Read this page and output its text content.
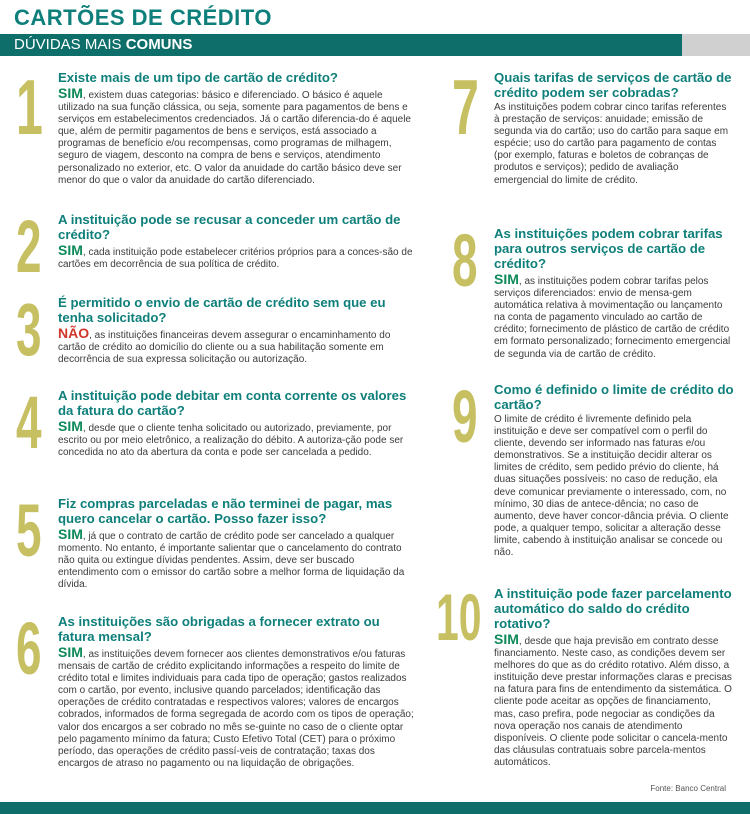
CARTÕES DE CRÉDITO
DÚVIDAS MAIS COMUNS
1 Existe mais de um tipo de cartão de crédito?

SIM, existem duas categorias: básico e diferenciado. O básico é aquele utilizado na sua função clássica, ou seja, somente para pagamentos de bens e serviços em estabelecimentos credenciados. Já o cartão diferencia-do é aquele que, além de permitir pagamentos de bens e serviços, está associado a programas de benefício e/ou recompensas, como programas de milhagem, seguro de viagem, desconto na compra de bens e serviços, atendimento personalizado no exterior, etc. O valor da anuidade do cartão básico deve ser menor do que o valor da anuidade do cartão diferenciado.

2 A instituição pode se recusar a conceder um cartão de crédito?

SIM, cada instituição pode estabelecer critérios próprios para a conces-são de cartões em decorrência de sua política de crédito.

3 É permitido o envio de cartão de crédito sem que eu tenha solicitado?

NÃO, as instituições financeiras devem assegurar o encaminhamento do cartão de crédito ao domicílio do cliente ou a sua habilitação somente em decorrência de sua expressa solicitação ou autorização.

4 A instituição pode debitar em conta corrente os valores da fatura do cartão?

SIM, desde que o cliente tenha solicitado ou autorizado, previamente, por escrito ou por meio eletrônico, a realização do débito. A autoriza-ção pode ser concedida no ato da abertura da conta e pode ser cancelada a pedido.

5 Fiz compras parceladas e não terminei de pagar, mas quero cancelar o cartão. Posso fazer isso?

SIM, já que o contrato de cartão de crédito pode ser cancelado a qualquer momento. No entanto, é importante salientar que o cancelamento do contrato não quita ou extingue dívidas pendentes. Assim, deve ser buscado entendimento com o emissor do cartão sobre a melhor forma de liquidação da dívida.

6 As instituições são obrigadas a fornecer extrato ou fatura mensal?

SIM, as instituições devem fornecer aos clientes demonstrativos e/ou faturas mensais de cartão de crédito explicitando informações a respeito do limite de crédito total e limites individuais para cada tipo de operação; gastos realizados com o cartão, por evento, inclusive quando parcelados; identificação das operações de crédito contratadas e respectivos valores; valores de encargos cobrados, informados de forma segregada de acordo com os tipos de operação; valor dos encargos a ser cobrado no mês se-guinte no caso de o cliente optar pelo pagamento mínimo da fatura; Custo Efetivo Total (CET) para o próximo período, das operações de crédito passí-veis de contratação; taxas dos encargos de atraso no pagamento ou na liquidação de obrigações.

7 Quais tarifas de serviços de cartão de crédito podem ser cobradas?

As instituições podem cobrar cinco tarifas referentes à prestação de serviços: anuidade; emissão de segunda via do cartão; uso do cartão para saque em espécie; uso do cartão para pagamento de contas (por exemplo, faturas e boletos de cobranças de produtos e serviços); pedido de avaliação emergencial do limite de crédito.

8 As instituições podem cobrar tarifas para outros serviços de cartão de crédito?

SIM, as instituições podem cobrar tarifas pelos serviços diferenciados: envio de mensa-gem automática relativa à movimentação ou lançamento na conta de pagamento vinculado ao cartão de crédito; fornecimento de plástico de cartão de crédito em formato personalizado; fornecimento emergencial de segunda via de cartão de crédito.

9 Como é definido o limite de crédito do cartão?

O limite de crédito é livremente definido pela instituição e deve ser compatível com o perfil do cliente, devendo ser informado nas faturas e/ou demonstrativos. Se a instituição decidir alterar os limites de crédito, sem pedido prévio do cliente, há duas situações possíveis: no caso de redução, ela deve comunicar previamente o interessado, com, no mínimo, 30 dias de antece-dência; no caso de aumento, deve haver concor-dância prévia. O cliente pode, a qualquer tempo, solicitar a alteração desse limite, cabendo à instituição analisar se concede ou não.

10 A instituição pode fazer parcelamento automático do saldo do crédito rotativo?

SIM, desde que haja previsão em contrato desse financiamento. Neste caso, as condições devem ser melhores do que as do crédito rotativo. Além disso, a instituição deve prestar informações claras e precisas na fatura para fins de entendimento da sistemática. O cliente pode aceitar as opções de financiamento, mas, caso prefira, pode negociar as condições da nova operação nos canais de atendimento disponíveis. O cliente pode solicitar o cancela-mento das cláusulas contratuais sobre parcela-mentos automáticos.

Fonte: Banco Central
